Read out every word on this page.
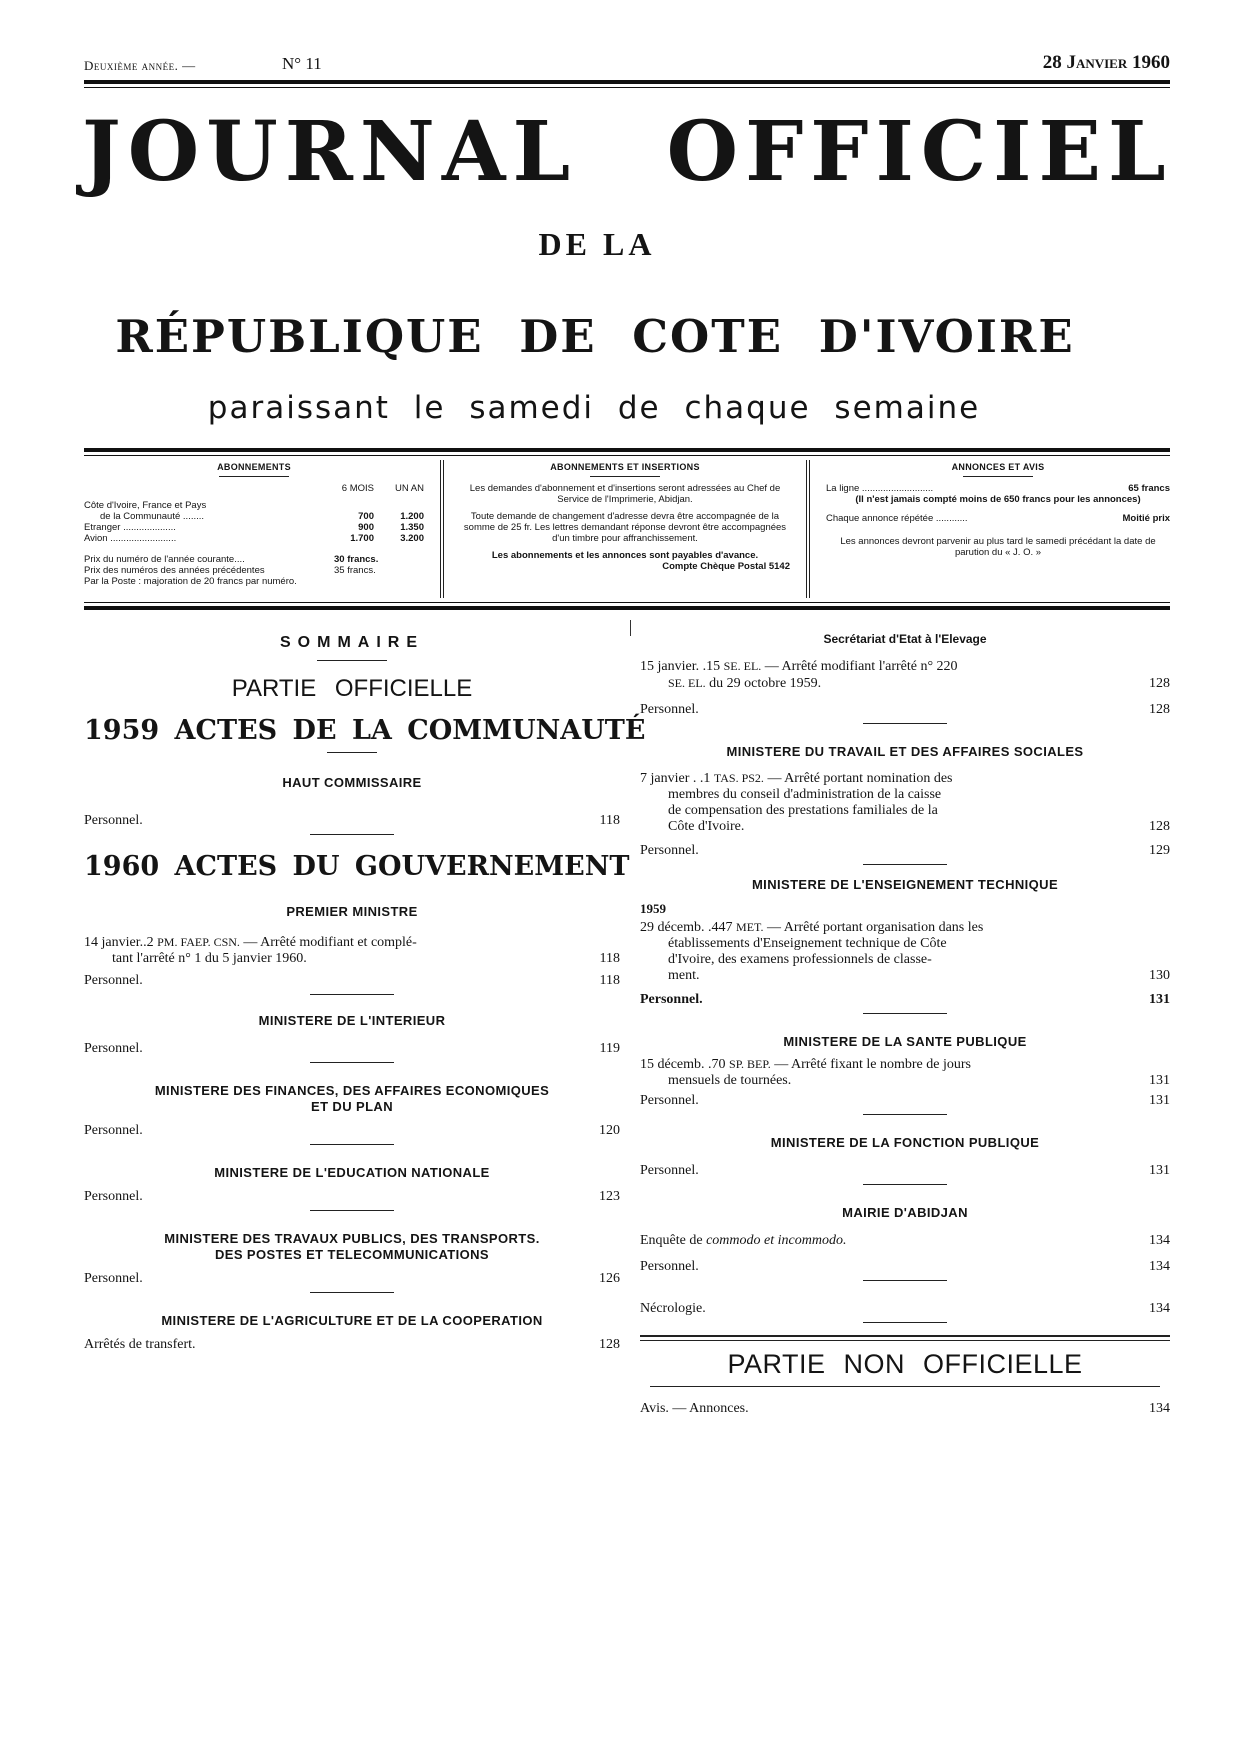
Deuxième année. —	N° 11	28 Janvier 1960
JOURNAL OFFICIEL
DE LA
RÉPUBLIQUE DE COTE D'IVOIRE
paraissant le samedi de chaque semaine
ABONNEMENTS
	6 MOIS	UN AN

Côte d'Ivoire, France et Pays		
de la Communauté ........	700	1.200
Etranger ....................	900	1.350
Avion .........................	1.700	3.200

Prix du numéro de l'année courante....	30 francs.	
Prix des numéros des années précédentes	35 francs.	
Par la Poste : majoration de 20 francs par numéro.		
ABONNEMENTS ET INSERTIONS
Les demandes d'abonnement et d'insertions seront adressées au Chef de Service de l'Imprimerie, Abidjan.
Toute demande de changement d'adresse devra être accompagnée de la somme de 25 fr. Les lettres demandant réponse devront être accompagnées d'un timbre pour affranchissement.
Les abonnements et les annonces sont payables d'avance.
Compte Chèque Postal 5142
ANNONCES ET AVIS
La ligne ...........................	65 francs
(Il n'est jamais compté moins de 650 francs pour les annonces)
Chaque annonce répétée ............	Moitié prix
Les annonces devront parvenir au plus tard le samedi précédant la date de parution du « J. O. »
SOMMAIRE
PARTIE OFFICIELLE
1959 ACTES DE LA COMMUNAUTÉ
HAUT COMMISSAIRE
Personnel.	118
1960 ACTES DU GOUVERNEMENT
PREMIER MINISTRE
14 janvier..2 PM. FAEP. CSN. — Arrêté modifiant et complé-
tant l'arrêté n° 1 du 5 janvier 1960.	118
Personnel.	118
MINISTERE DE L'INTERIEUR
Personnel.	119
MINISTERE DES FINANCES, DES AFFAIRES ECONOMIQUES
ET DU PLAN
Personnel.	120
MINISTERE DE L'EDUCATION NATIONALE
Personnel.	123
MINISTERE DES TRAVAUX PUBLICS, DES TRANSPORTS.
DES POSTES ET TELECOMMUNICATIONS
Personnel.	126
MINISTERE DE L'AGRICULTURE ET DE LA COOPERATION
Arrêtés de transfert.	128
Secrétariat d'Etat à l'Elevage
15 janvier. .15 SE. EL. — Arrêté modifiant l'arrêté n° 220
SE. EL. du 29 octobre 1959.	128
Personnel.	128
MINISTERE DU TRAVAIL ET DES AFFAIRES SOCIALES
7 janvier . .1 TAS. PS2. — Arrêté portant nomination des
membres du conseil d'administration de la caisse
de compensation des prestations familiales de la
Côte d'Ivoire.	128
Personnel.	129
MINISTERE DE L'ENSEIGNEMENT TECHNIQUE
1959
29 décemb. .447 MET. — Arrêté portant organisation dans les
établissements d'Enseignement technique de Côte
d'Ivoire, des examens professionnels de classe-
ment.	130
Personnel.	131
MINISTERE DE LA SANTE PUBLIQUE
15 décemb. .70 SP. BEP. — Arrêté fixant le nombre de jours
mensuels de tournées.	131
Personnel.	131
MINISTERE DE LA FONCTION PUBLIQUE
Personnel.	131
MAIRIE D'ABIDJAN
Enquête de commodo et incommodo.	134
Personnel.	134
Nécrologie.	134
PARTIE NON OFFICIELLE
Avis. — Annonces.	134
